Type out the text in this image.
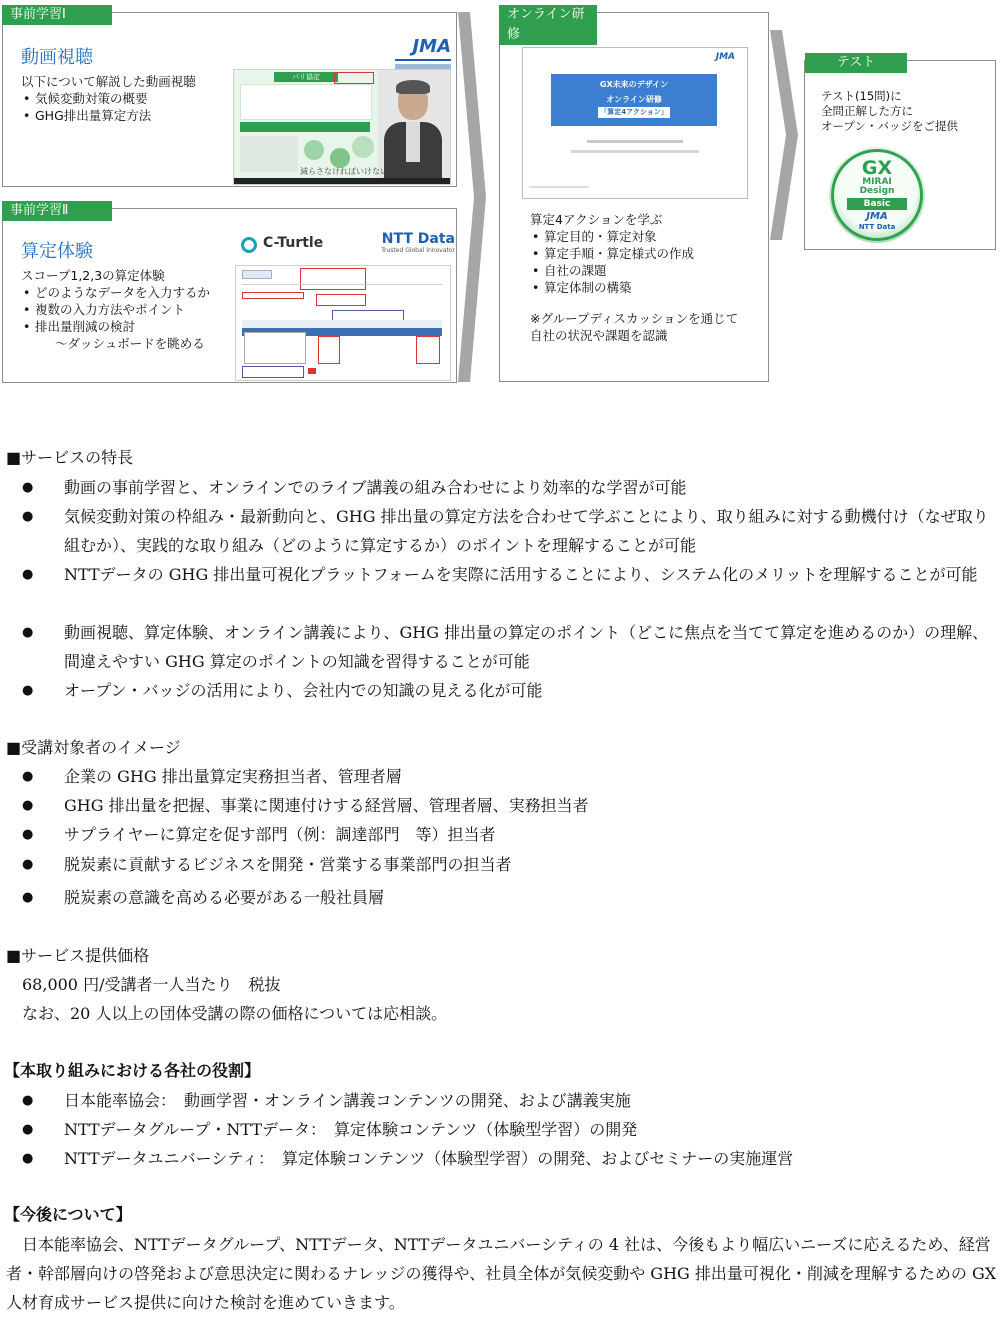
事前学習Ⅰ
動画視聴
以下について解説した動画視聴
• 気候変動対策の概要
• GHG排出量算定方法
JMA
パリ協定
減らさなければいけない
事前学習Ⅱ
算定体験
スコープ1,2,3の算定体験
• どのようなデータを入力するか
• 複数の入力方法やポイント
• 排出量削減の検討
～ダッシュボードを眺める
C-Turtle	NTT Data
Trusted Global Innovator
オンライン研修
JMA
GX未来のデザイン
オンライン研修
「算定4アクション」
算定4アクションを学ぶ
• 算定目的・算定対象
• 算定手順・算定様式の作成
• 自社の課題
• 算定体制の構築
※グループディスカッションを通じて
自社の状況や課題を認識
テスト
テスト(15問)に
全問正解した方に
オープン・バッジをご提供
GX
MIRAI
Design
Basic
JMA
NTT Data
■サービスの特長
● 動画の事前学習と、オンラインでのライブ講義の組み合わせにより効率的な学習が可能
● 気候変動対策の枠組み・最新動向と、GHG 排出量の算定方法を合わせて学ぶことにより、取り組みに対する動機付け（なぜ取り組むか）、実践的な取り組み（どのように算定するか）のポイントを理解することが可能
● NTTデータの GHG 排出量可視化プラットフォームを実際に活用することにより、システム化のメリットを理解することが可能
● 動画視聴、算定体験、オンライン講義により、GHG 排出量の算定のポイント（どこに焦点を当てて算定を進めるのか）の理解、間違えやすい GHG 算定のポイントの知識を習得することが可能
● オープン・バッジの活用により、会社内での知識の見える化が可能
■受講対象者のイメージ
● 企業の GHG 排出量算定実務担当者、管理者層
● GHG 排出量を把握、事業に関連付けする経営層、管理者層、実務担当者
● サプライヤーに算定を促す部門（例：調達部門　等）担当者
● 脱炭素に貢献するビジネスを開発・営業する事業部門の担当者
● 脱炭素の意識を高める必要がある一般社員層
■サービス提供価格
68,000 円/受講者一人当たり　税抜
なお、20 人以上の団体受講の際の価格については応相談。
【本取り組みにおける各社の役割】
● 日本能率協会：　動画学習・オンライン講義コンテンツの開発、および講義実施
● NTTデータグループ・NTTデータ：　算定体験コンテンツ（体験型学習）の開発
● NTTデータユニバーシティ：　算定体験コンテンツ（体験型学習）の開発、およびセミナーの実施運営
【今後について】
　日本能率協会、NTTデータグループ、NTTデータ、NTTデータユニバーシティの 4 社は、今後もより幅広いニーズに応えるため、経営者・幹部層向けの啓発および意思決定に関わるナレッジの獲得や、社員全体が気候変動や GHG 排出量可視化・削減を理解するための GX 人材育成サービス提供に向けた検討を進めていきます。
